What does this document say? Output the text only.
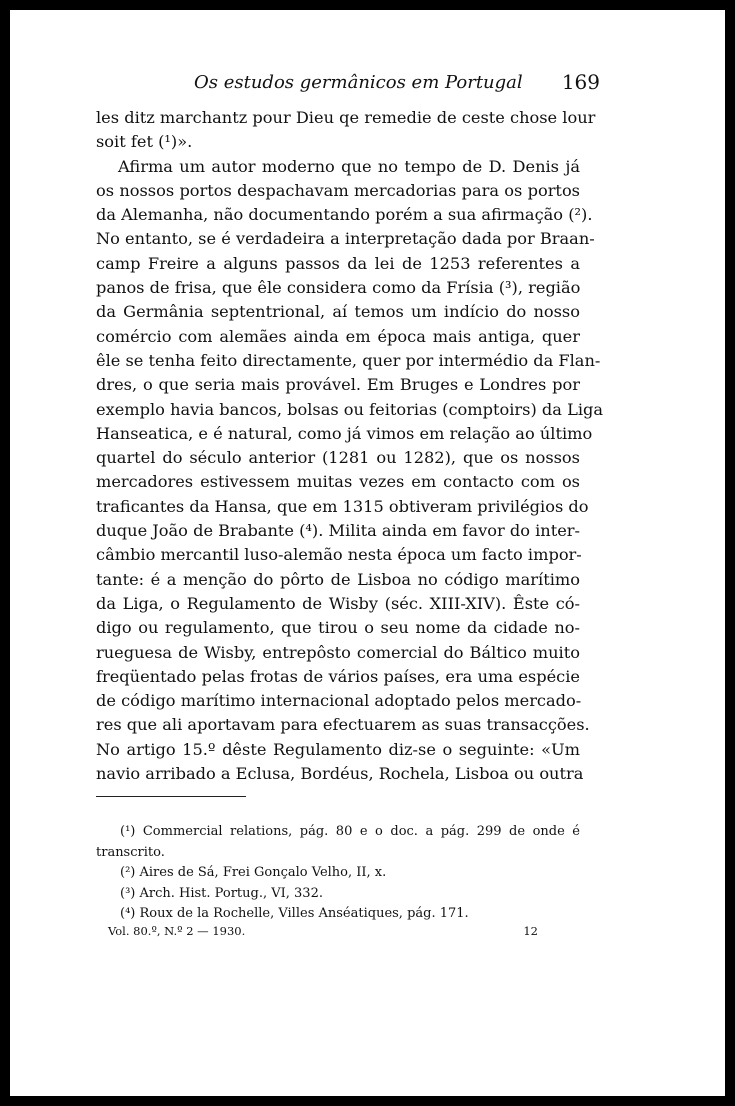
Os estudos germânicos em Portugal 169
les ditz marchantz pour Dieu qe remedie de ceste chose lour
soit fet (¹)».
Afirma um autor moderno que no tempo de D. Denis já
os nossos portos despachavam mercadorias para os portos
da Alemanha, não documentando porém a sua afirmação (²).
No entanto, se é verdadeira a interpretação dada por Braan-
camp Freire a alguns passos da lei de 1253 referentes a
panos de frisa, que êle considera como da Frísia (³), região
da Germânia septentrional, aí temos um indício do nosso
comércio com alemães ainda em época mais antiga, quer
êle se tenha feito directamente, quer por intermédio da Flan-
dres, o que seria mais provável. Em Bruges e Londres por
exemplo havia bancos, bolsas ou feitorias (comptoirs) da Liga
Hanseatica, e é natural, como já vimos em relação ao último
quartel do século anterior (1281 ou 1282), que os nossos
mercadores estivessem muitas vezes em contacto com os
traficantes da Hansa, que em 1315 obtiveram privilégios do
duque João de Brabante (⁴). Milita ainda em favor do inter-
câmbio mercantil luso-alemão nesta época um facto impor-
tante: é a menção do pôrto de Lisboa no código marítimo
da Liga, o Regulamento de Wisby (séc. XIII-XIV). Êste có-
digo ou regulamento, que tirou o seu nome da cidade no-
rueguesa de Wisby, entrepôsto comercial do Báltico muito
freqüentado pelas frotas de vários países, era uma espécie
de código marítimo internacional adoptado pelos mercado-
res que ali aportavam para efectuarem as suas transacções.
No artigo 15.º dêste Regulamento diz-se o seguinte: «Um
navio arribado a Eclusa, Bordéus, Rochela, Lisboa ou outra
(¹) Commercial relations, pág. 80 e o doc. a pág. 299 de onde é
transcrito.
(²) Aires de Sá, Frei Gonçalo Velho, II, x.
(³) Arch. Hist. Portug., VI, 332.
(⁴) Roux de la Rochelle, Villes Anséatiques, pág. 171.
Vol. 80.º, N.º 2 — 1930.	12
